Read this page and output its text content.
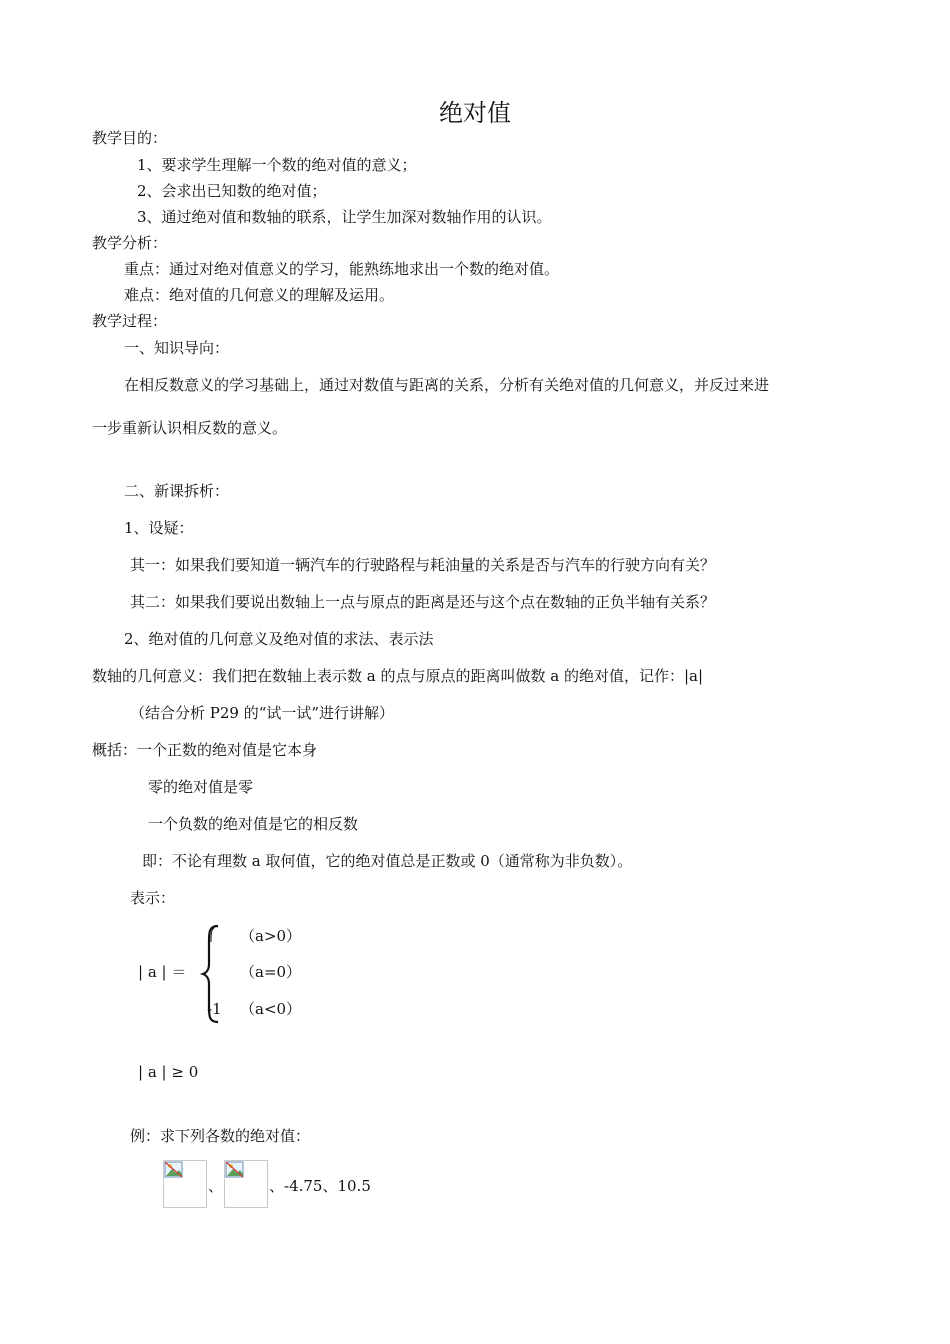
绝对值
教学目的：
1、要求学生理解一个数的绝对值的意义；
2、会求出已知数的绝对值；
3、通过绝对值和数轴的联系，让学生加深对数轴作用的认识。
教学分析：
重点：通过对绝对值意义的学习，能熟练地求出一个数的绝对值。
难点：绝对值的几何意义的理解及运用。
教学过程：
一、知识导向：
在相反数意义的学习基础上，通过对数值与距离的关系，分析有关绝对值的几何意义，并反过来进
一步重新认识相反数的意义。
二、新课拆析：
1、设疑：
其一：如果我们要知道一辆汽车的行驶路程与耗油量的关系是否与汽车的行驶方向有关？
其二：如果我们要说出数轴上一点与原点的距离是还与这个点在数轴的正负半轴有关系？
2、绝对值的几何意义及绝对值的求法、表示法
数轴的几何意义：我们把在数轴上表示数 a 的点与原点的距离叫做数 a 的绝对值，记作：|a|
（结合分析 P29 的“试一试”进行讲解）
概括：一个正数的绝对值是它本身
零的绝对值是零
一个负数的绝对值是它的相反数
即：不论有理数 a 取何值，它的绝对值总是正数或 0（通常称为非负数）。
表示：
| a | ＝
（a>0）
（a=0）
-1 （a<0）
| a | ≥ 0
例：求下列各数的绝对值：
、	、-4.75、10.5
